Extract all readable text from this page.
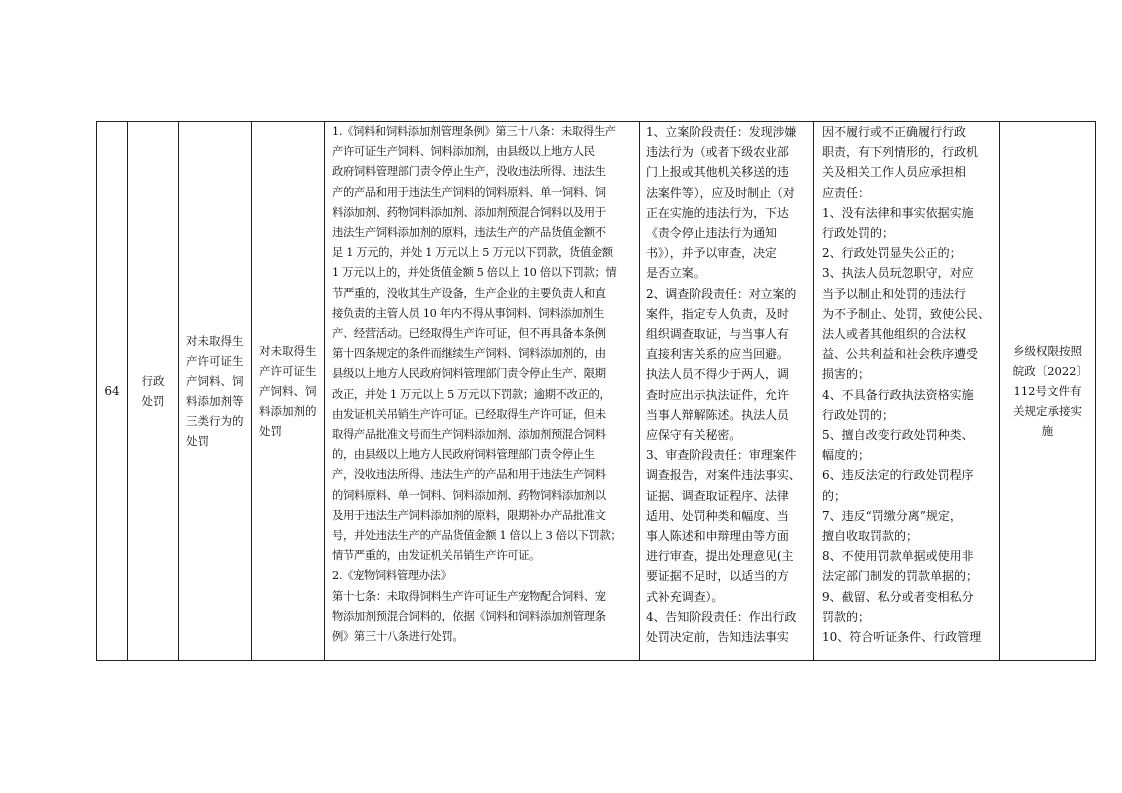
64
行政处罚
对未取得生产许可证生产饲料、饲料添加剂等三类行为的处罚
对未取得生产许可证生产饲料、饲料添加剂的处罚
1.《饲料和饲料添加剂管理条例》第三十八条：未取得生产
产许可证生产饲料、饲料添加剂，由县级以上地方人民
政府饲料管理部门责令停止生产，没收违法所得、违法生
产的产品和用于违法生产饲料的饲料原料、单一饲料、饲
料添加剂、药物饲料添加剂、添加剂预混合饲料以及用于
违法生产饲料添加剂的原料，违法生产的产品货值金额不
足 1 万元的，并处 1 万元以上 5 万元以下罚款，货值金额
1 万元以上的，并处货值金额 5 倍以上 10 倍以下罚款；情
节严重的，没收其生产设备，生产企业的主要负责人和直
接负责的主管人员 10 年内不得从事饲料、饲料添加剂生
产、经营活动。已经取得生产许可证，但不再具备本条例
第十四条规定的条件而继续生产饲料、饲料添加剂的，由
县级以上地方人民政府饲料管理部门责令停止生产、限期
改正，并处 1 万元以上 5 万元以下罚款；逾期不改正的，
由发证机关吊销生产许可证。已经取得生产许可证，但未
取得产品批准文号而生产饲料添加剂、添加剂预混合饲料
的，由县级以上地方人民政府饲料管理部门责令停止生
产，没收违法所得、违法生产的产品和用于违法生产饲料
的饲料原料、单一饲料、饲料添加剂、药物饲料添加剂以
及用于违法生产饲料添加剂的原料，限期补办产品批准文
号，并处违法生产的产品货值金额 1 倍以上 3 倍以下罚款；
情节严重的，由发证机关吊销生产许可证。
2.《宠物饲料管理办法》
第十七条：未取得饲料生产许可证生产宠物配合饲料、宠
物添加剂预混合饲料的，依据《饲料和饲料添加剂管理条
例》第三十八条进行处罚。
1、立案阶段责任：发现涉嫌
违法行为（或者下级农业部
门上报或其他机关移送的违
法案件等），应及时制止（对
正在实施的违法行为，下达
《责令停止违法行为通知
书》），并予以审查，决定
是否立案。
2、调查阶段责任：对立案的
案件，指定专人负责，及时
组织调查取证，与当事人有
直接利害关系的应当回避。
执法人员不得少于两人，调
查时应出示执法证件，允许
当事人辩解陈述。执法人员
应保守有关秘密。
3、审查阶段责任：审理案件
调查报告，对案件违法事实、
证据、调查取证程序、法律
适用、处罚种类和幅度、当
事人陈述和申辩理由等方面
进行审查，提出处理意见(主
要证据不足时，以适当的方
式补充调查）。
4、告知阶段责任：作出行政
处罚决定前，告知违法事实
因不履行或不正确履行行政
职责，有下列情形的，行政机
关及相关工作人员应承担相
应责任：
1、没有法律和事实依据实施
行政处罚的；
2、行政处罚显失公正的；
3、执法人员玩忽职守，对应
当予以制止和处罚的违法行
为不予制止、处罚，致使公民、
法人或者其他组织的合法权
益、公共利益和社会秩序遭受
损害的；
4、不具备行政执法资格实施
行政处罚的；
5、擅自改变行政处罚种类、
幅度的；
6、违反法定的行政处罚程序
的；
7、违反“罚缴分离”规定，
擅自收取罚款的；
8、不使用罚款单据或使用非
法定部门制发的罚款单据的；
9、截留、私分或者变相私分
罚款的；
10、符合听证条件、行政管理
乡级权限按照皖政〔2022〕112号文件有关规定承接实施
